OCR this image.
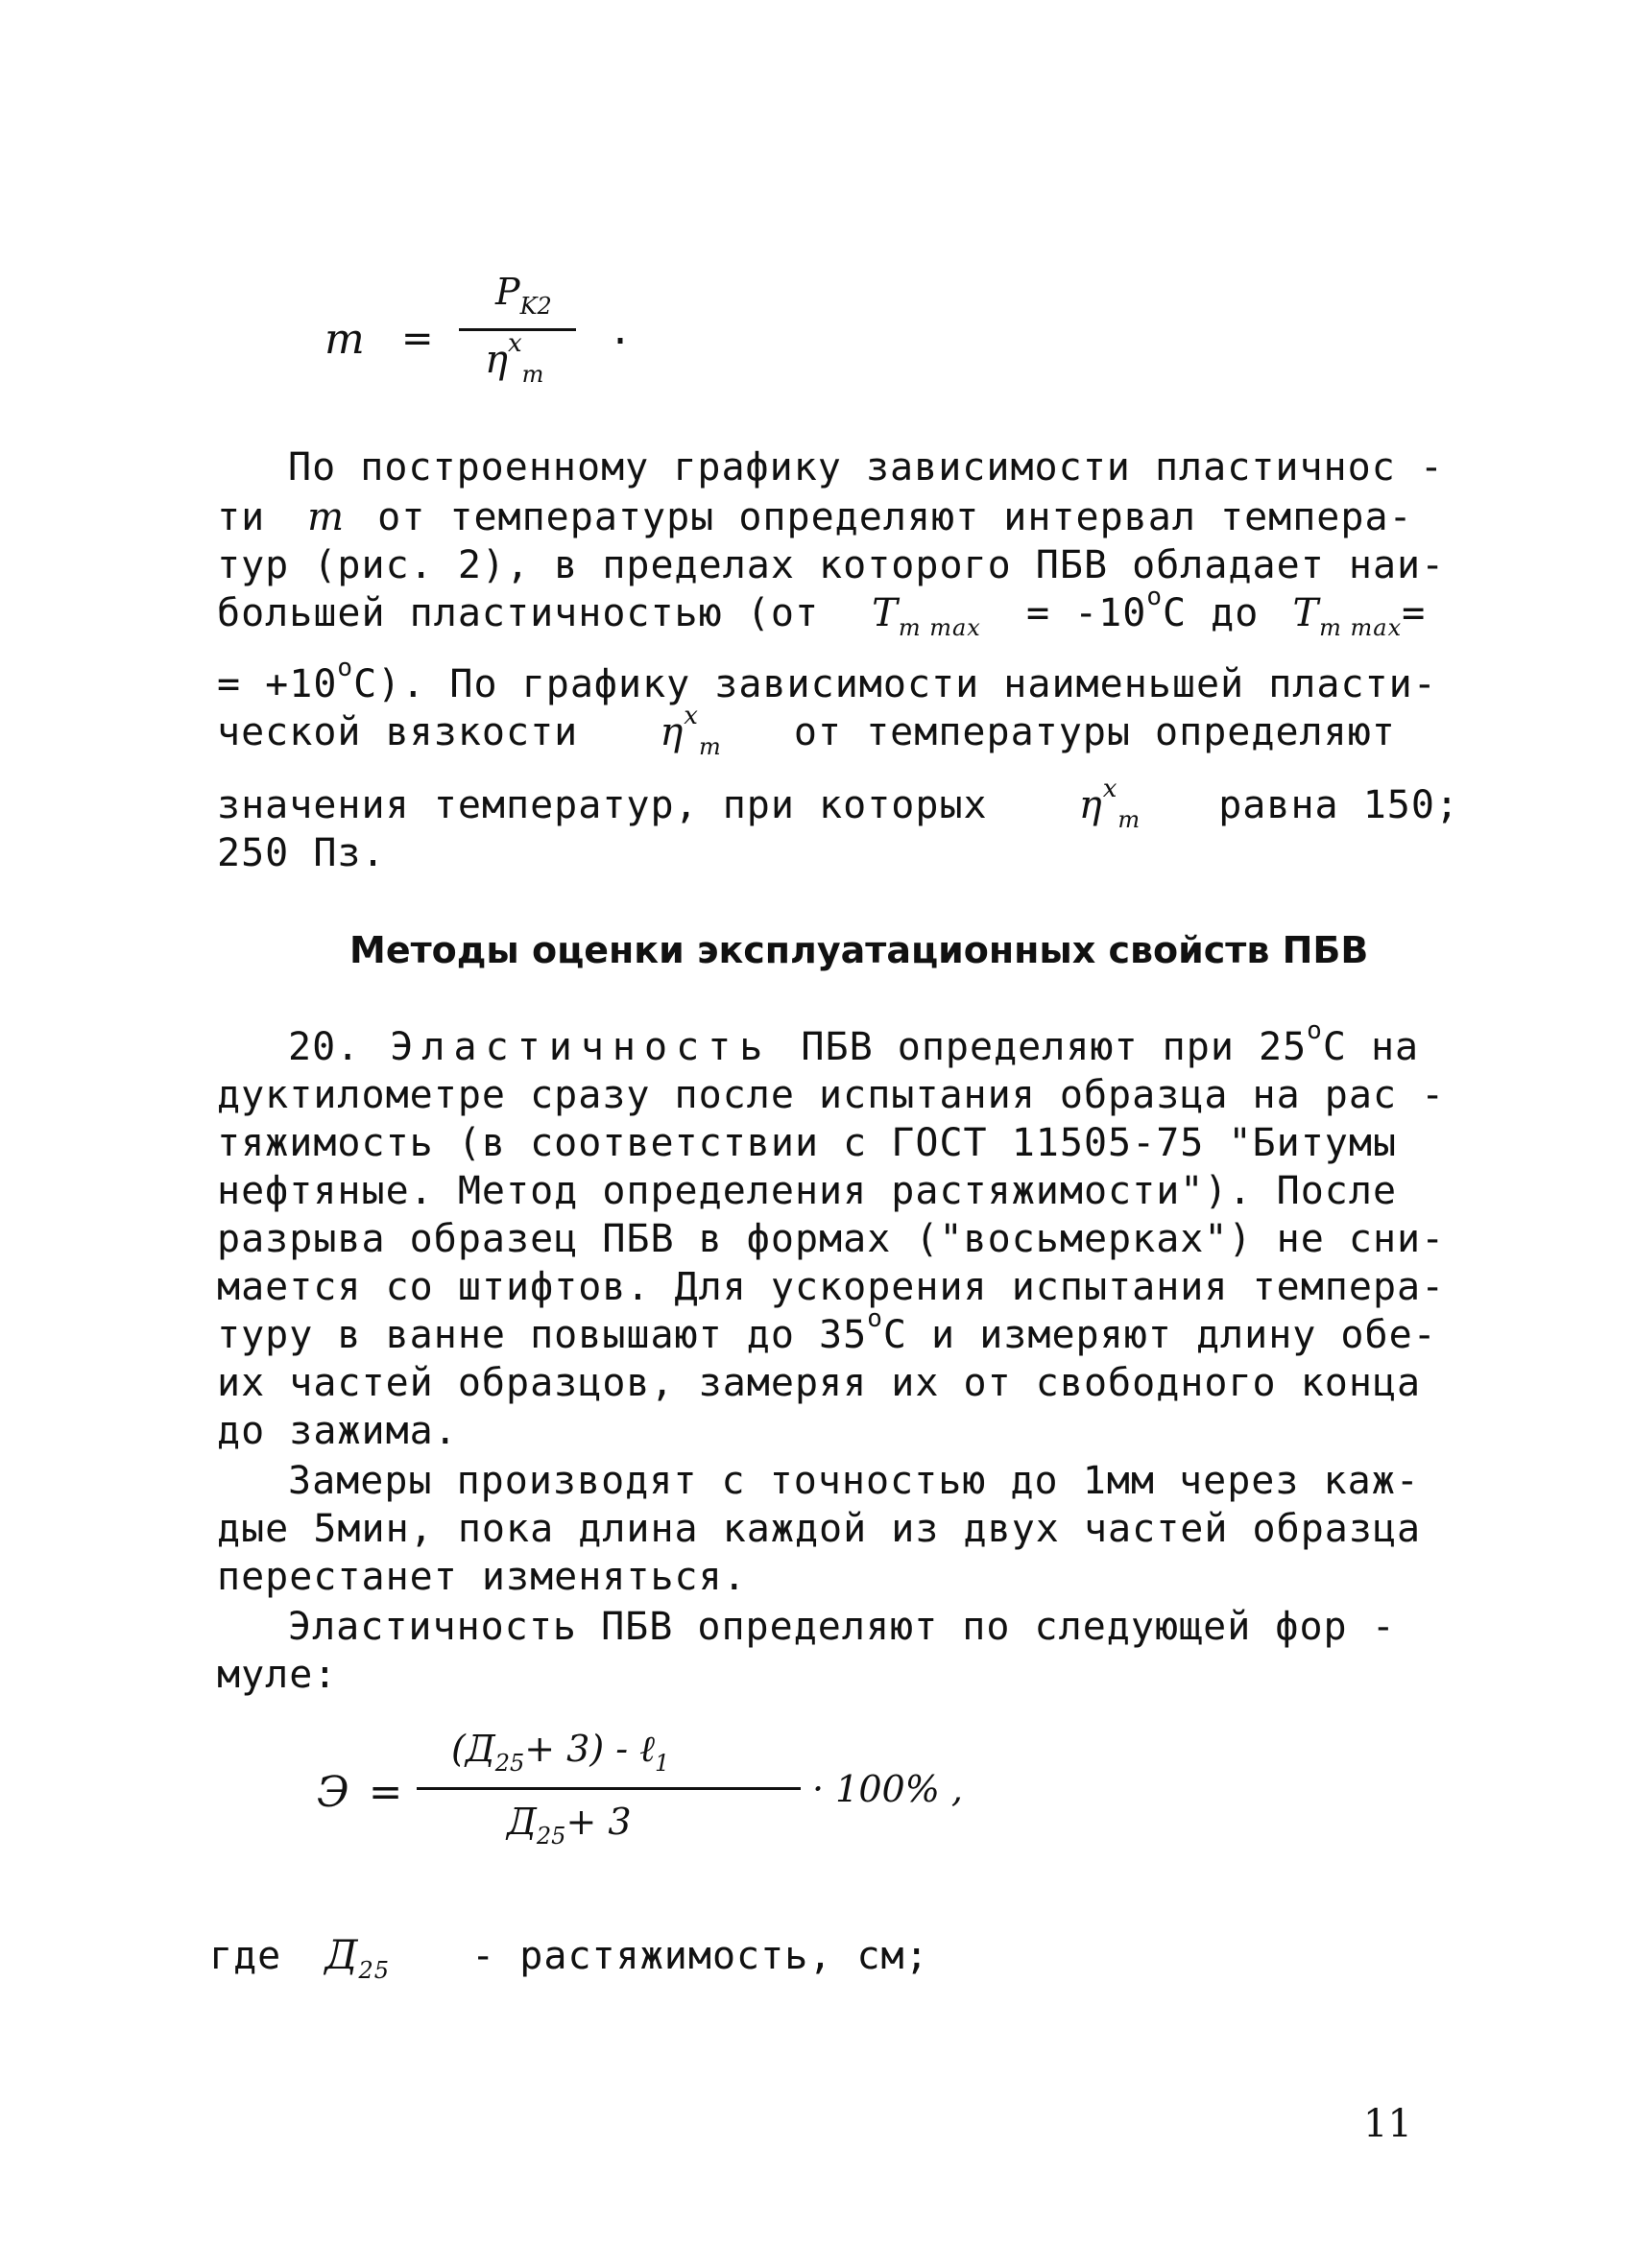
m =
$P_{K2}$
$\eta^x_m$
.
По построенному графику зависимости пластичнос -
ти m от температуры определяют интервал темпера-
тур (рис. 2), в пределах которого ПБВ обладает наи-
большей пластичностью (от $T_{m max} = -10^oC$ до $T_{m max}=$
= $+10^oC$). По графику зависимости наименьшей пласти-
ческой вязкости $\eta^x_m$ от температуры определяют
значения температур, при которых $\eta^x_m$ равна 150;
250 Пз.
Методы оценки эксплуатационных свойств ПБВ
20. Эластичность ПБВ определяют при 25$^o$C на
дуктилометре сразу после испытания образца на рас -
тяжимость (в соответствии с ГОСТ 11505-75 "Битумы
нефтяные. Метод определения растяжимости"). После
разрыва образец ПБВ в формах ("восьмерках") не сни-
мается со штифтов. Для ускорения испытания темпера-
туру в ванне повышают до 35$^o$C и измеряют длину обе-
их частей образцов, замеряя их от свободного конца
до зажима.
Замеры производят с точностью до 1мм через каж-
дые 5мин, пока длина каждой из двух частей образца
перестанет изменяться.
Эластичность ПБВ определяют по следующей фор -
муле:
Э =
$(Д_{25}+ 3)$ - ℓ$_1$
$Д_{25}+ 3$
· 100% ,
где $Д_{25}$ - растяжимость, см;
11
